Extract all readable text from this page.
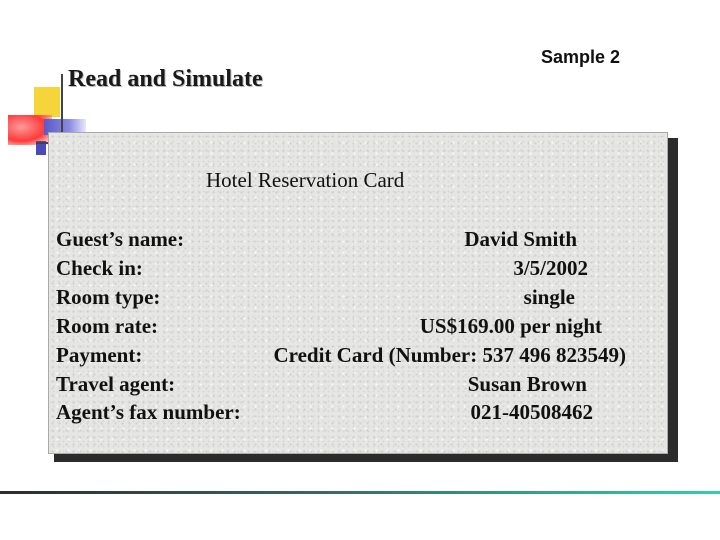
Read and Simulate
Sample 2
Hotel Reservation Card
Guest’s name:	David Smith
Check in:	3/5/2002
Room type:	single
Room rate:	US$169.00 per night
Payment:	Credit Card (Number: 537 496 823549)
Travel agent:	Susan Brown
Agent’s fax number:	021-40508462
